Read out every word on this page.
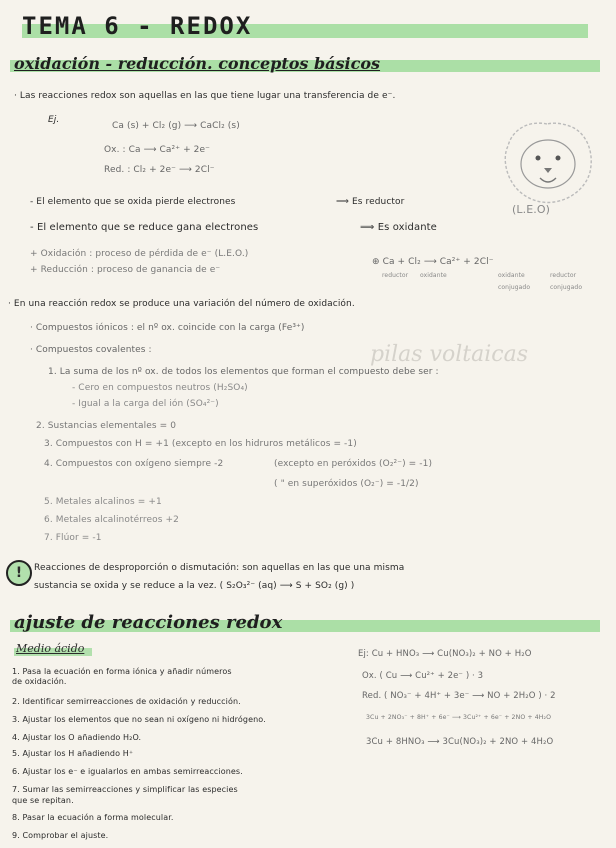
TEMA 6 - REDOX
oxidación - reducción. conceptos básicos
· Las reacciones redox son aquellas en las que tiene lugar una transferencia de e⁻.
Ej.
Ca (s) + Cl₂ (g) ⟶ CaCl₂ (s)
Ox. : Ca ⟶ Ca²⁺ + 2e⁻
Red. : Cl₂ + 2e⁻ ⟶ 2Cl⁻
(L.E.O)
- El elemento que se oxida pierde electrones	⟹ Es reductor
- El elemento que se reduce gana electrones	⟹ Es oxidante
+ Oxidación : proceso de pérdida de e⁻ (L.E.O.)
+ Reducción : proceso de ganancia de e⁻
⊕ Ca + Cl₂ ⟶ Ca²⁺ + 2Cl⁻
reductor oxidante	oxidante conjugado
reductor conjugado
· En una reacción redox se produce una variación del número de oxidación.
· Compuestos iónicos : el nº ox. coincide con la carga (Fe³⁺)
· Compuestos covalentes :
1. La suma de los nº ox. de todos los elementos que forman el compuesto debe ser :
- Cero en compuestos neutros (H₂SO₄)
- Igual a la carga del ión (SO₄²⁻)
2. Sustancias elementales = 0
3. Compuestos con H = +1 (excepto en los hidruros metálicos = -1)
4. Compuestos con oxígeno siempre -2	(excepto en peróxidos (O₂²⁻) = -1)
( " en superóxidos (O₂⁻) = -1/2)
5. Metales alcalinos = +1
6. Metales alcalinotérreos +2
7. Flúor = -1
pilas voltaicas
!	Reacciones de desproporción o dismutación: son aquellas en las que una misma
sustancia se oxida y se reduce a la vez. ( S₂O₃²⁻ (aq) ⟶ S + SO₂ (g) )
ajuste de reacciones redox
Medio ácido
1. Pasa la ecuación en forma iónica y añadir números
de oxidación.
2. Identificar semirreacciones de oxidación y reducción.
3. Ajustar los elementos que no sean ni oxígeno ni hidrógeno.
4. Ajustar los O añadiendo H₂O.
5. Ajustar los H añadiendo H⁺
6. Ajustar los e⁻ e igualarlos en ambas semirreacciones.
7. Sumar las semirreacciones y simplificar las especies
que se repitan.
8. Pasar la ecuación a forma molecular.
9. Comprobar el ajuste.
Ej: Cu + HNO₃ ⟶ Cu(NO₃)₂ + NO + H₂O
Ox. ( Cu ⟶ Cu²⁺ + 2e⁻ ) · 3
Red. ( NO₃⁻ + 4H⁺ + 3e⁻ ⟶ NO + 2H₂O ) · 2
3Cu + 2NO₃⁻ + 8H⁺ + 6e⁻ ⟶ 3Cu²⁺ + 6e⁻ + 2NO + 4H₂O
3Cu + 8HNO₃ ⟶ 3Cu(NO₃)₂ + 2NO + 4H₂O
